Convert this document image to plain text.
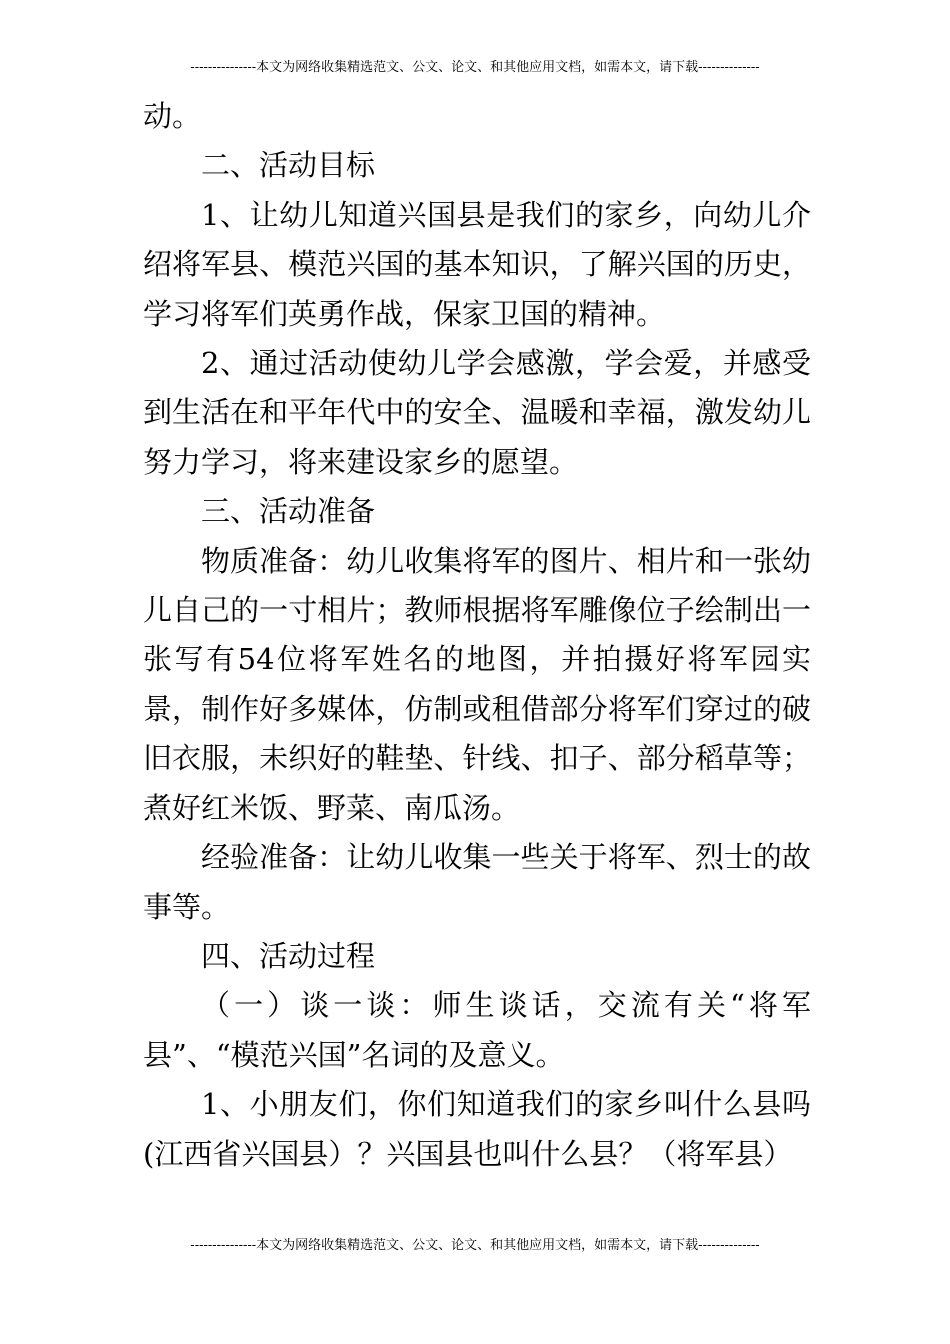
---------------本文为网络收集精选范文、公文、论文、和其他应用文档，如需本文，请下载--------------

动。

二、活动目标

1、让幼儿知道兴国县是我们的家乡，向幼儿介绍将军县、模范兴国的基本知识，了解兴国的历史，学习将军们英勇作战，保家卫国的精神。

2、通过活动使幼儿学会感激，学会爱，并感受到生活在和平年代中的安全、温暖和幸福，激发幼儿努力学习，将来建设家乡的愿望。

三、活动准备

物质准备：幼儿收集将军的图片、相片和一张幼儿自己的一寸相片；教师根据将军雕像位子绘制出一张写有54位将军姓名的地图，并拍摄好将军园实景，制作好多媒体，仿制或租借部分将军们穿过的破旧衣服，未织好的鞋垫、针线、扣子、部分稻草等；煮好红米饭、野菜、南瓜汤。

经验准备：让幼儿收集一些关于将军、烈士的故事等。

四、活动过程

（一）谈一谈：师生谈话，交流有关“将军县”、“模范兴国”名词的及意义。

1、小朋友们，你们知道我们的家乡叫什么县吗(江西省兴国县）？兴国县也叫什么县？（将军县）

---------------本文为网络收集精选范文、公文、论文、和其他应用文档，如需本文，请下载--------------
